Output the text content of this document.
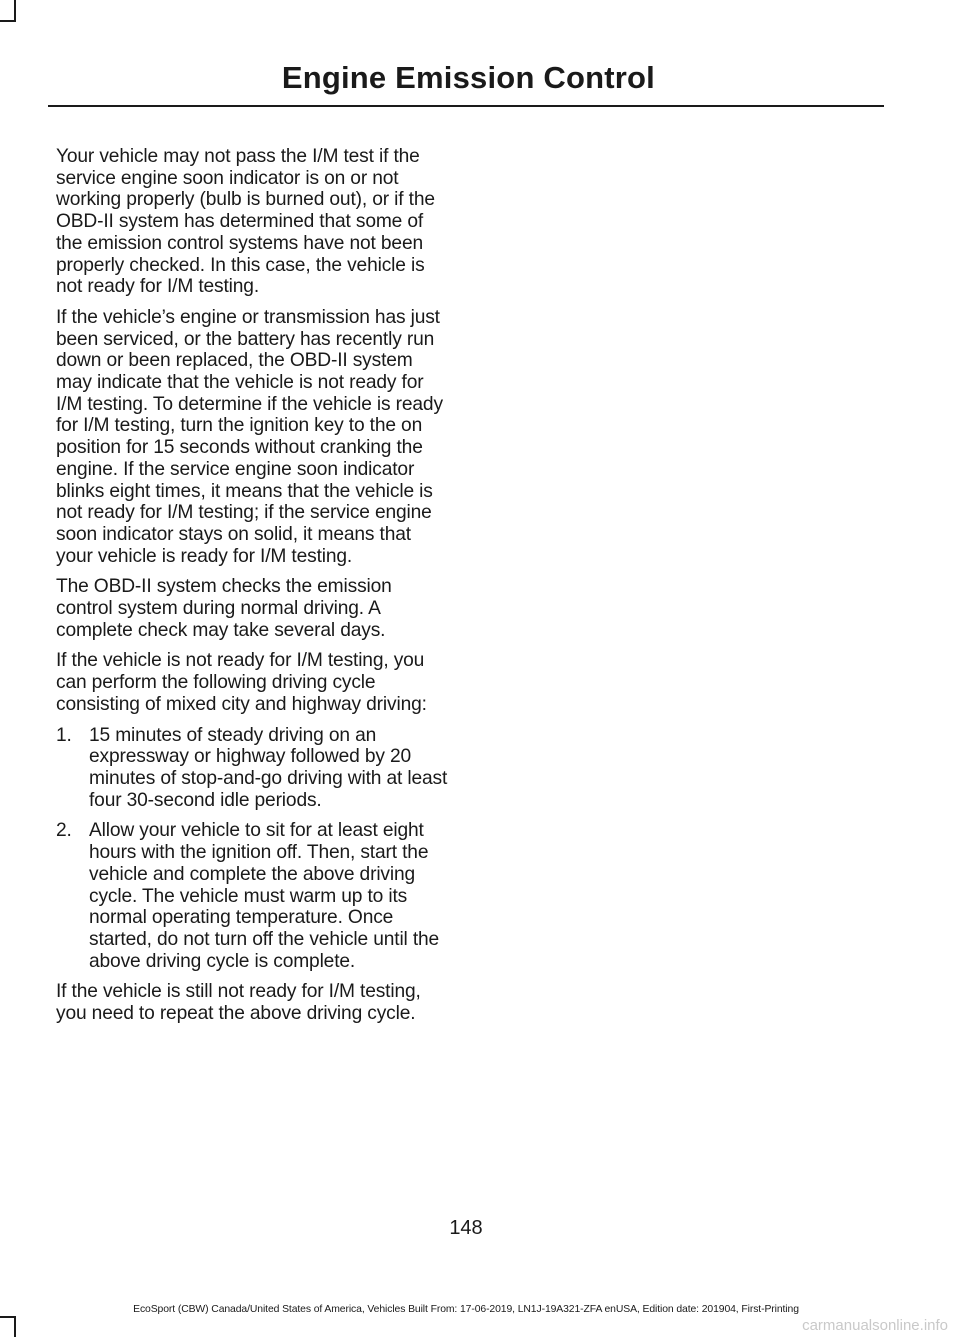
Engine Emission Control

Your vehicle may not pass the I/M test if the service engine soon indicator is on or not working properly (bulb is burned out), or if the OBD-II system has determined that some of the emission control systems have not been properly checked. In this case, the vehicle is not ready for I/M testing.

If the vehicle’s engine or transmission has just been serviced, or the battery has recently run down or been replaced, the OBD-II system may indicate that the vehicle is not ready for I/M testing. To determine if the vehicle is ready for I/M testing, turn the ignition key to the on position for 15 seconds without cranking the engine. If the service engine soon indicator blinks eight times, it means that the vehicle is not ready for I/M testing; if the service engine soon indicator stays on solid, it means that your vehicle is ready for I/M testing.

The OBD-II system checks the emission control system during normal driving. A complete check may take several days.

If the vehicle is not ready for I/M testing, you can perform the following driving cycle consisting of mixed city and highway driving:

1. 15 minutes of steady driving on an expressway or highway followed by 20 minutes of stop-and-go driving with at least four 30-second idle periods.
2. Allow your vehicle to sit for at least eight hours with the ignition off. Then, start the vehicle and complete the above driving cycle. The vehicle must warm up to its normal operating temperature. Once started, do not turn off the vehicle until the above driving cycle is complete.

If the vehicle is still not ready for I/M testing, you need to repeat the above driving cycle.

148
EcoSport (CBW) Canada/United States of America, Vehicles Built From: 17-06-2019, LN1J-19A321-ZFA enUSA, Edition date: 201904, First-Printing
carmanualsonline.info
